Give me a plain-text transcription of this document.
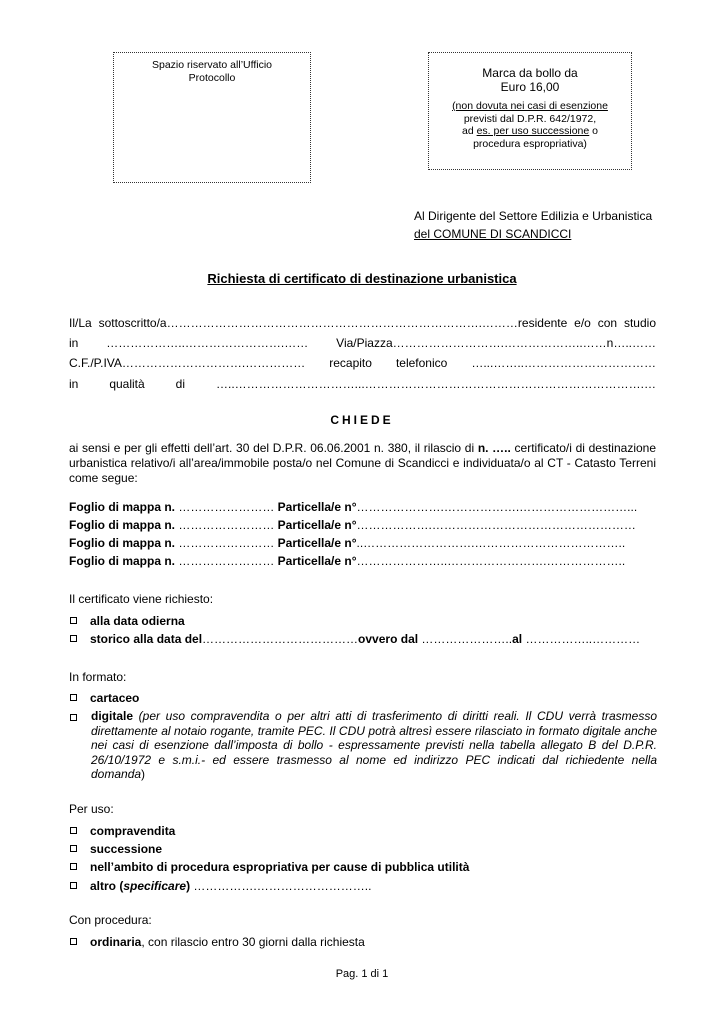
Spazio riservato all’Ufficio
Protocollo	Marca da bollo da
Euro 16,00
(non dovuta nei casi di esenzione
previsti dal D.P.R. 642/1972,
ad es. per uso successione o
procedura espropriativa)
Al Dirigente del Settore Edilizia e Urbanistica
del COMUNE DI SCANDICCI
Richiesta di certificato di destinazione urbanistica
Il/La sottoscritto/a…………………………………………………………………….………residente e/o con studio
in ………………..…………………….…… Via/Piazza……………………….………………..……n…..……
C.F./P.IVA………………………….…………… recapito telefonico …...……..……………………………
in qualità di …..…………………………...…………………………………………………………….…
CHIEDE
ai sensi e per gli effetti dell’art. 30 del D.P.R. 06.06.2001 n. 380, il rilascio di n. ….. certificato/i di destinazione urbanistica relativo/i all’area/immobile posta/o nel Comune di Scandicci e individuata/o al CT - Catasto Terreni come segue:
Foglio di mappa n. …………………… Particella/e n°………………….……………….………………………...
Foglio di mappa n. …………………… Particella/e n°……………….……………………………………………
Foglio di mappa n. …………………… Particella/e n°..……………………….………………………………..
Foglio di mappa n. …………………… Particella/e n°…………………..…………………….………………..
Il certificato viene richiesto:
alla data odierna
storico alla data del…………………………………ovvero dal …………………..al ……………..…………
In formato:
cartaceo
digitale (per uso compravendita o per altri atti di trasferimento di diritti reali. Il CDU verrà trasmesso direttamente al notaio rogante, tramite PEC. Il CDU potrà altresì essere rilasciato in formato digitale anche nei casi di esenzione dall’imposta di bollo - espressamente previsti nella tabella allegato B del D.P.R. 26/10/1972 e s.m.i.- ed essere trasmesso al nome ed indirizzo PEC indicati dal richiedente nella domanda)
Per uso:
compravendita
successione
nell’ambito di procedura espropriativa per cause di pubblica utilità
altro (specificare) …………….………………………..
Con procedura:
ordinaria, con rilascio entro 30 giorni dalla richiesta
Pag. 1 di 1
